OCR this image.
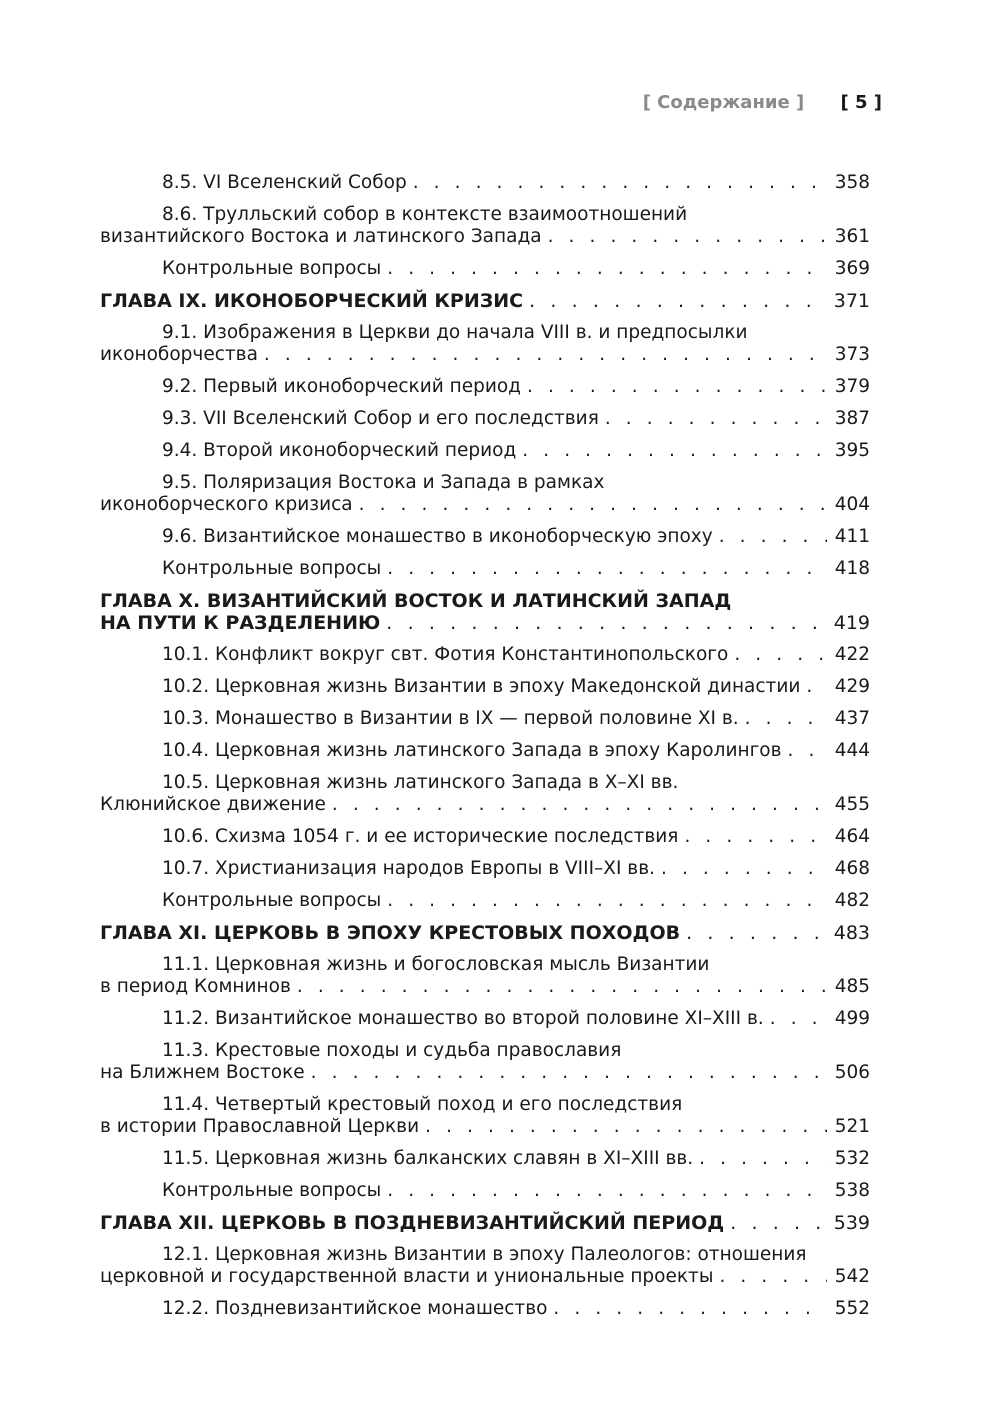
[ Содержание ] [ 5 ]
8.5. VI Вселенский Собор . . .	358
8.6. Трулльский собор в контексте взаимоотношений
византийского Востока и латинского Запада . . .	361
Контрольные вопросы . . .	369
ГЛАВА IX. ИКОНОБОРЧЕСКИЙ КРИЗИС . . .	371
9.1. Изображения в Церкви до начала VIII в. и предпосылки
иконоборчества . . .	373
9.2. Первый иконоборческий период . . .	379
9.3. VII Вселенский Собор и его последствия . . .	387
9.4. Второй иконоборческий период . . .	395
9.5. Поляризация Востока и Запада в рамках
иконоборческого кризиса . . .	404
9.6. Византийское монашество в иконоборческую эпоху . . .	411
Контрольные вопросы . . .	418
ГЛАВА X. ВИЗАНТИЙСКИЙ ВОСТОК И ЛАТИНСКИЙ ЗАПАД
НА ПУТИ К РАЗДЕЛЕНИЮ . . .	419
10.1. Конфликт вокруг свт. Фотия Константинопольского . . .	422
10.2. Церковная жизнь Византии в эпоху Македонской династии . . .	429
10.3. Монашество в Византии в IX — первой половине XI в. . . .	437
10.4. Церковная жизнь латинского Запада в эпоху Каролингов . . .	444
10.5. Церковная жизнь латинского Запада в X–XI вв.
Клюнийское движение . . .	455
10.6. Схизма 1054 г. и ее исторические последствия . . .	464
10.7. Христианизация народов Европы в VIII–XI вв. . . .	468
Контрольные вопросы . . .	482
ГЛАВА XI. ЦЕРКОВЬ В ЭПОХУ КРЕСТОВЫХ ПОХОДОВ . . .	483
11.1. Церковная жизнь и богословская мысль Византии
в период Комнинов . . .	485
11.2. Византийское монашество во второй половине XI–XIII в. . . .	499
11.3. Крестовые походы и судьба православия
на Ближнем Востоке . . .	506
11.4. Четвертый крестовый поход и его последствия
в истории Православной Церкви . . .	521
11.5. Церковная жизнь балканских славян в XI–XIII вв. . . .	532
Контрольные вопросы . . .	538
ГЛАВА XII. ЦЕРКОВЬ В ПОЗДНЕВИЗАНТИЙСКИЙ ПЕРИОД . . .	539
12.1. Церковная жизнь Византии в эпоху Палеологов: отношения
церковной и государственной власти и униональные проекты . . .	542
12.2. Поздневизантийское монашество . . .	552
